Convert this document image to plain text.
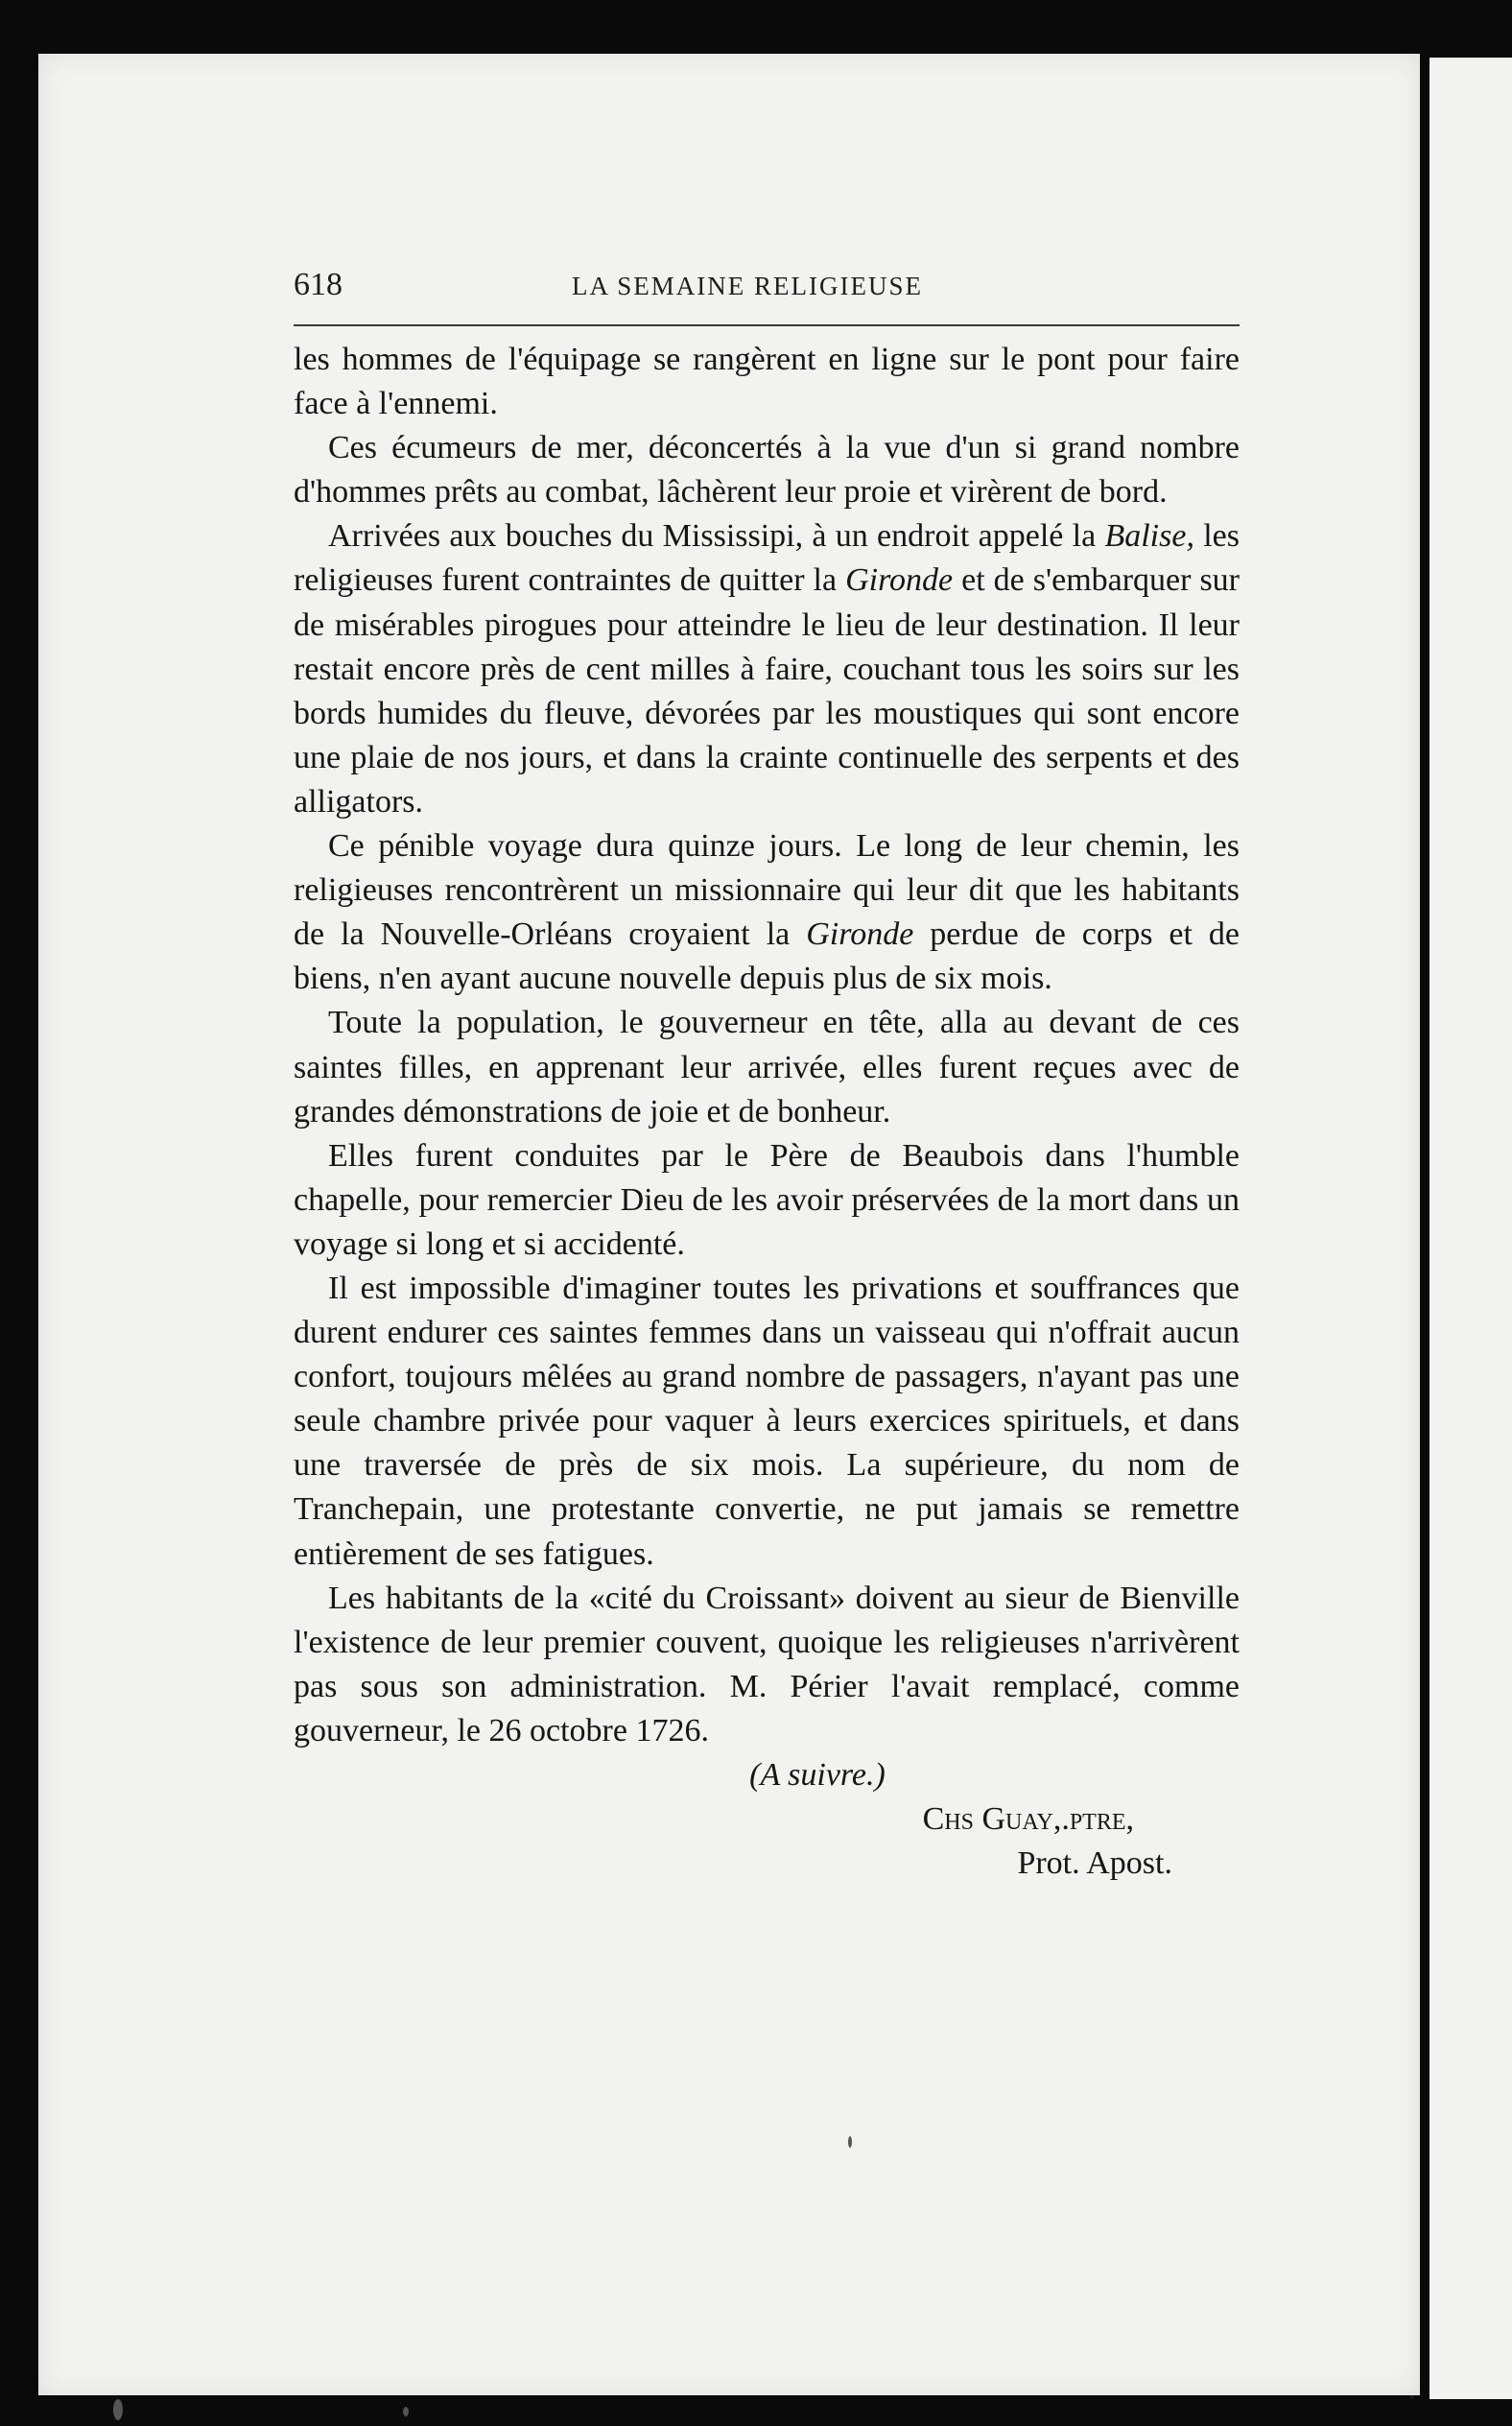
618	LA SEMAINE RELIGIEUSE

les hommes de l'équipage se rangèrent en ligne sur le pont pour faire face à l'ennemi.

Ces écumeurs de mer, déconcertés à la vue d'un si grand nombre d'hommes prêts au combat, lâchèrent leur proie et virèrent de bord.

Arrivées aux bouches du Mississipi, à un endroit appelé la Balise, les religieuses furent contraintes de quitter la Gironde et de s'embarquer sur de misérables pirogues pour atteindre le lieu de leur destination. Il leur restait encore près de cent milles à faire, couchant tous les soirs sur les bords humides du fleuve, dévorées par les moustiques qui sont encore une plaie de nos jours, et dans la crainte continuelle des serpents et des alligators.

Ce pénible voyage dura quinze jours. Le long de leur chemin, les religieuses rencontrèrent un missionnaire qui leur dit que les habitants de la Nouvelle-Orléans croyaient la Gironde perdue de corps et de biens, n'en ayant aucune nouvelle depuis plus de six mois.

Toute la population, le gouverneur en tête, alla au devant de ces saintes filles, en apprenant leur arrivée, elles furent reçues avec de grandes démonstrations de joie et de bonheur.

Elles furent conduites par le Père de Beaubois dans l'humble chapelle, pour remercier Dieu de les avoir préservées de la mort dans un voyage si long et si accidenté.

Il est impossible d'imaginer toutes les privations et souffrances que durent endurer ces saintes femmes dans un vaisseau qui n'offrait aucun confort, toujours mêlées au grand nombre de passagers, n'ayant pas une seule chambre privée pour vaquer à leurs exercices spirituels, et dans une traversée de près de six mois. La supérieure, du nom de Tranchepain, une protestante convertie, ne put jamais se remettre entièrement de ses fatigues.

Les habitants de la «cité du Croissant» doivent au sieur de Bienville l'existence de leur premier couvent, quoique les religieuses n'arrivèrent pas sous son administration. M. Périer l'avait remplacé, comme gouverneur, le 26 octobre 1726.

(A suivre.)

Chs Guay,.ptre,

Prot. Apost.
